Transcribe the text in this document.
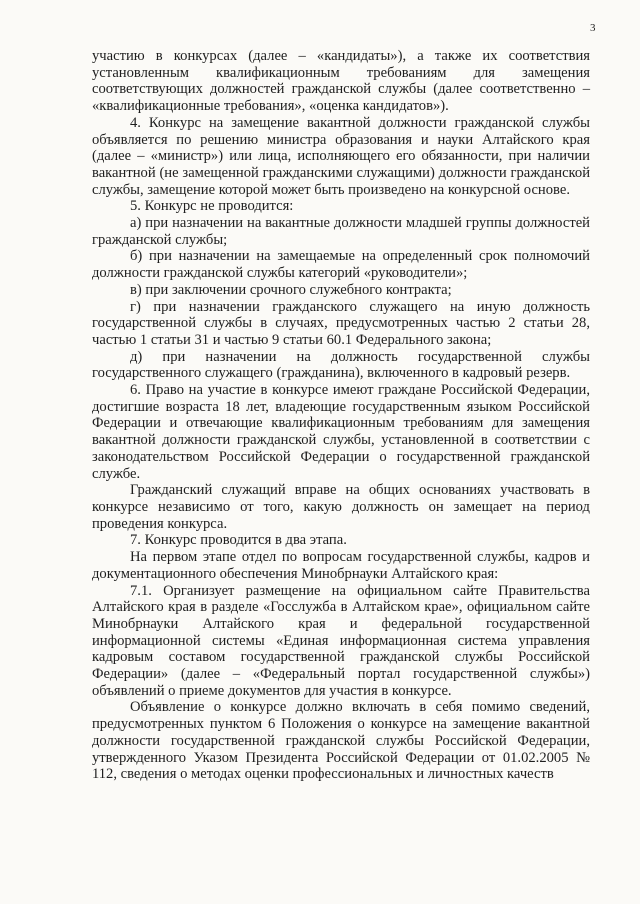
3

участию в конкурсах (далее – «кандидаты»), а также их соответствия установленным квалификационным требованиям для замещения соответствующих должностей гражданской службы (далее соответственно – «квалификационные требования», «оценка кандидатов»).

4. Конкурс на замещение вакантной должности гражданской службы объявляется по решению министра образования и науки Алтайского края (далее – «министр») или лица, исполняющего его обязанности, при наличии вакантной (не замещенной гражданскими служащими) должности гражданской службы, замещение которой может быть произведено на конкурсной основе.

5. Конкурс не проводится:

а) при назначении на вакантные должности младшей группы должностей гражданской службы;

б) при назначении на замещаемые на определенный срок полномочий должности гражданской службы категорий «руководители»;

в) при заключении срочного служебного контракта;

г) при назначении гражданского служащего на иную должность государственной службы в случаях, предусмотренных частью 2 статьи 28, частью 1 статьи 31 и частью 9 статьи 60.1 Федерального закона;

д) при назначении на должность государственной службы государственного служащего (гражданина), включенного в кадровый резерв.

6. Право на участие в конкурсе имеют граждане Российской Федерации, достигшие возраста 18 лет, владеющие государственным языком Российской Федерации и отвечающие квалификационным требованиям для замещения вакантной должности гражданской службы, установленной в соответствии с законодательством Российской Федерации о государственной гражданской службе.

Гражданский служащий вправе на общих основаниях участвовать в конкурсе независимо от того, какую должность он замещает на период проведения конкурса.

7. Конкурс проводится в два этапа.

На первом этапе отдел по вопросам государственной службы, кадров и документационного обеспечения Минобрнауки Алтайского края:

7.1. Организует размещение на официальном сайте Правительства Алтайского края в разделе «Госслужба в Алтайском крае», официальном сайте Минобрнауки Алтайского края и федеральной государственной информационной системы «Единая информационная система управления кадровым составом государственной гражданской службы Российской Федерации» (далее – «Федеральный портал государственной службы») объявлений о приеме документов для участия в конкурсе.

Объявление о конкурсе должно включать в себя помимо сведений, предусмотренных пунктом 6 Положения о конкурсе на замещение вакантной должности государственной гражданской службы Российской Федерации, утвержденного Указом Президента Российской Федерации от 01.02.2005 № 112, сведения о методах оценки профессиональных и личностных качеств
